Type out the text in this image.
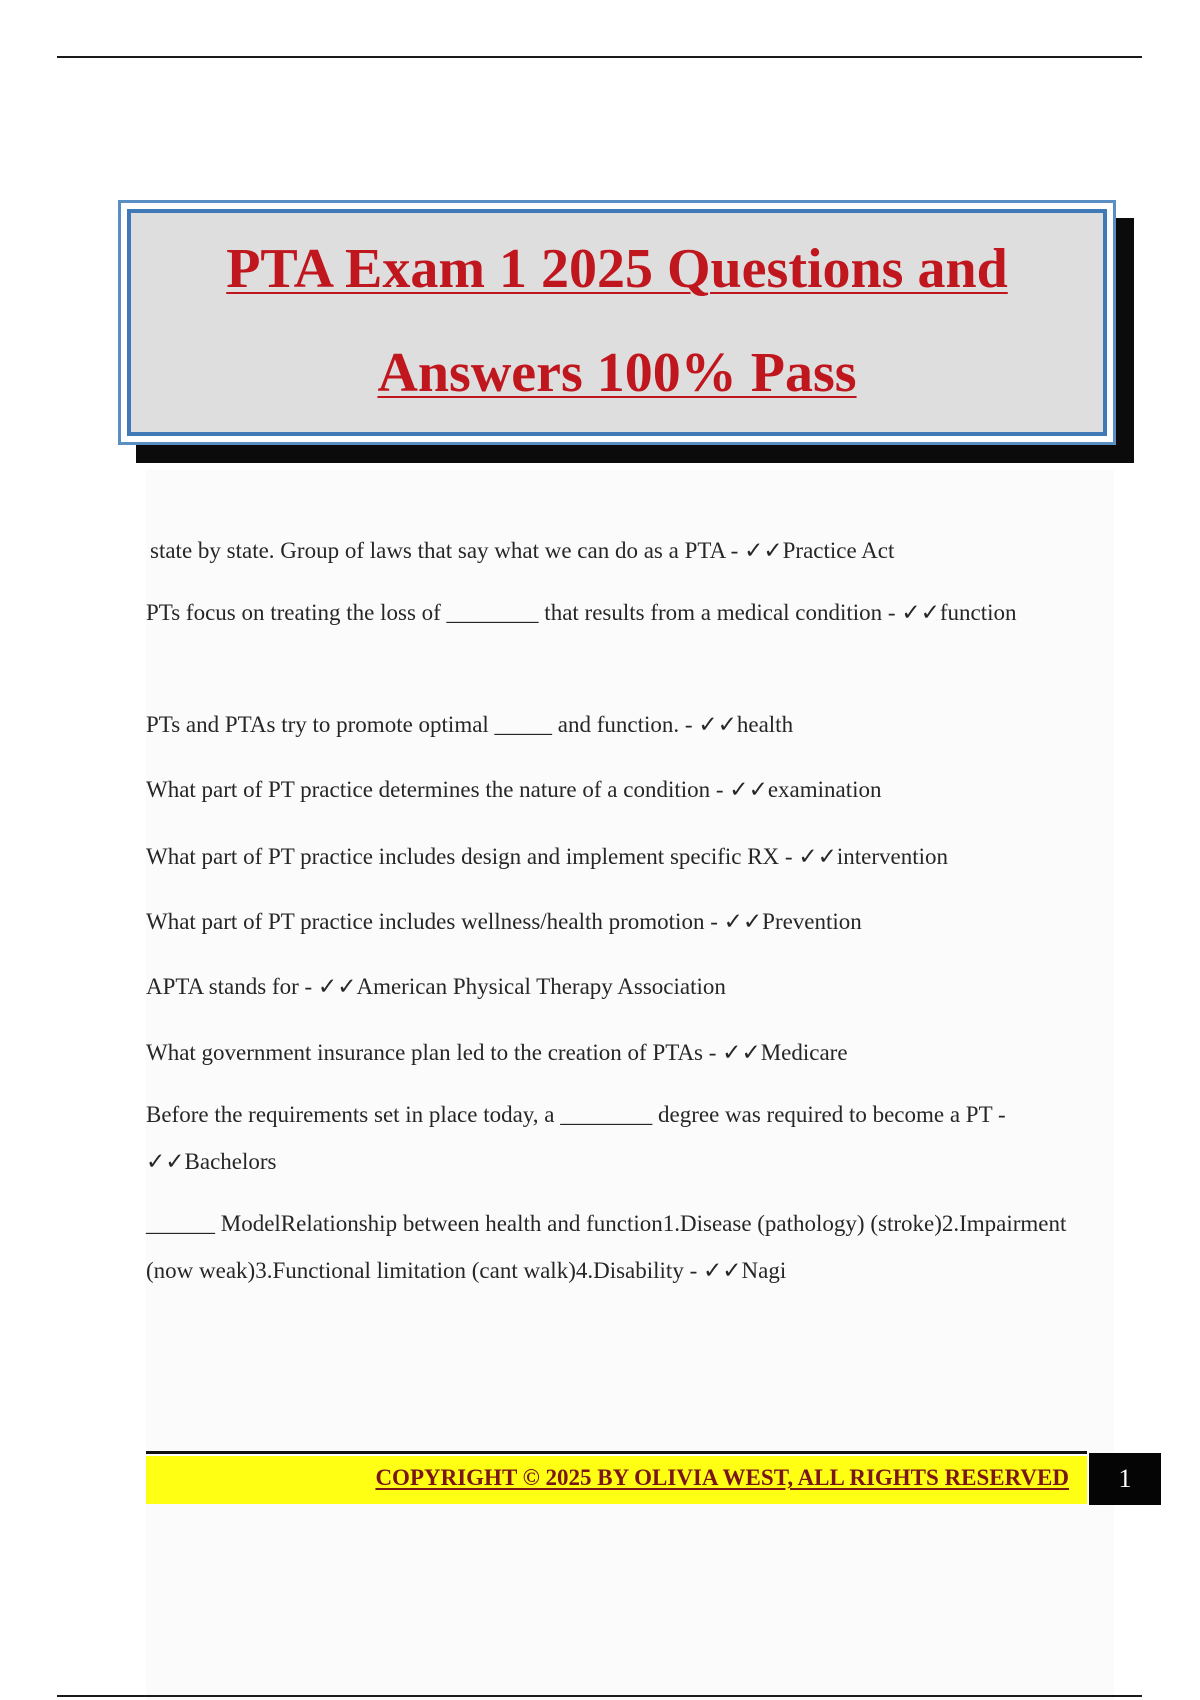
PTA Exam 1 2025 Questions and
Answers 100% Pass

state by state. Group of laws that say what we can do as a PTA - ✓✓Practice Act

PTs focus on treating the loss of ________ that results from a medical condition - ✓✓function

PTs and PTAs try to promote optimal _____ and function. - ✓✓health

What part of PT practice determines the nature of a condition - ✓✓examination

What part of PT practice includes design and implement specific RX - ✓✓intervention

What part of PT practice includes wellness/health promotion - ✓✓Prevention

APTA stands for - ✓✓American Physical Therapy Association

What government insurance plan led to the creation of PTAs - ✓✓Medicare

Before the requirements set in place today, a ________ degree was required to become a PT - ✓✓Bachelors

______ ModelRelationship between health and function1.Disease (pathology) (stroke)2.Impairment (now weak)3.Functional limitation (cant walk)4.Disability - ✓✓Nagi

COPYRIGHT © 2025 BY OLIVIA WEST, ALL RIGHTS RESERVED	1
